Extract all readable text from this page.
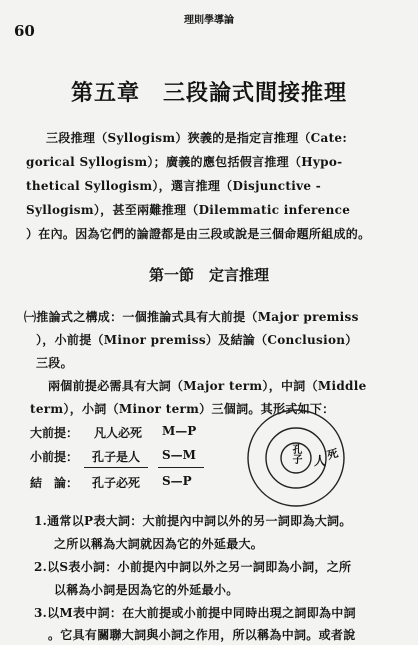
60
理則學導論
第五章　三段論式間接推理
三段推理（Syllogism）狹義的是指定言推理（Cate:
gorical Syllogism）；廣義的應包括假言推理（Hypo-
thetical Syllogism），選言推理（Disjunctive -
Syllogism），甚至兩難推理（Dilemmatic inference
）在內。因為它們的論證都是由三段或說是三個命題所組成的。
第一節　定言推理
㈠推論式之構成：一個推論式具有大前提（Major premiss
），小前提（Minor premiss）及結論（Conclusion）
三段。
兩個前提必需具有大詞（Major term），中詞（Middle
term），小詞（Minor term）三個詞。其形式如下：
大前提： 凡人必死 M—P
小前提： 孔子是人 S—M
結　論： 孔子必死 S—P
孔子 人 死
1.通常以P表大詞：大前提內中詞以外的另一詞即為大詞。
之所以稱為大詞就因為它的外延最大。
2.以S表小詞：小前提內中詞以外之另一詞即為小詞，之所
以稱為小詞是因為它的外延最小。
3.以M表中詞：在大前提或小前提中同時出現之詞即為中詞
。它具有關聯大詞與小詞之作用，所以稱為中詞。或者說
